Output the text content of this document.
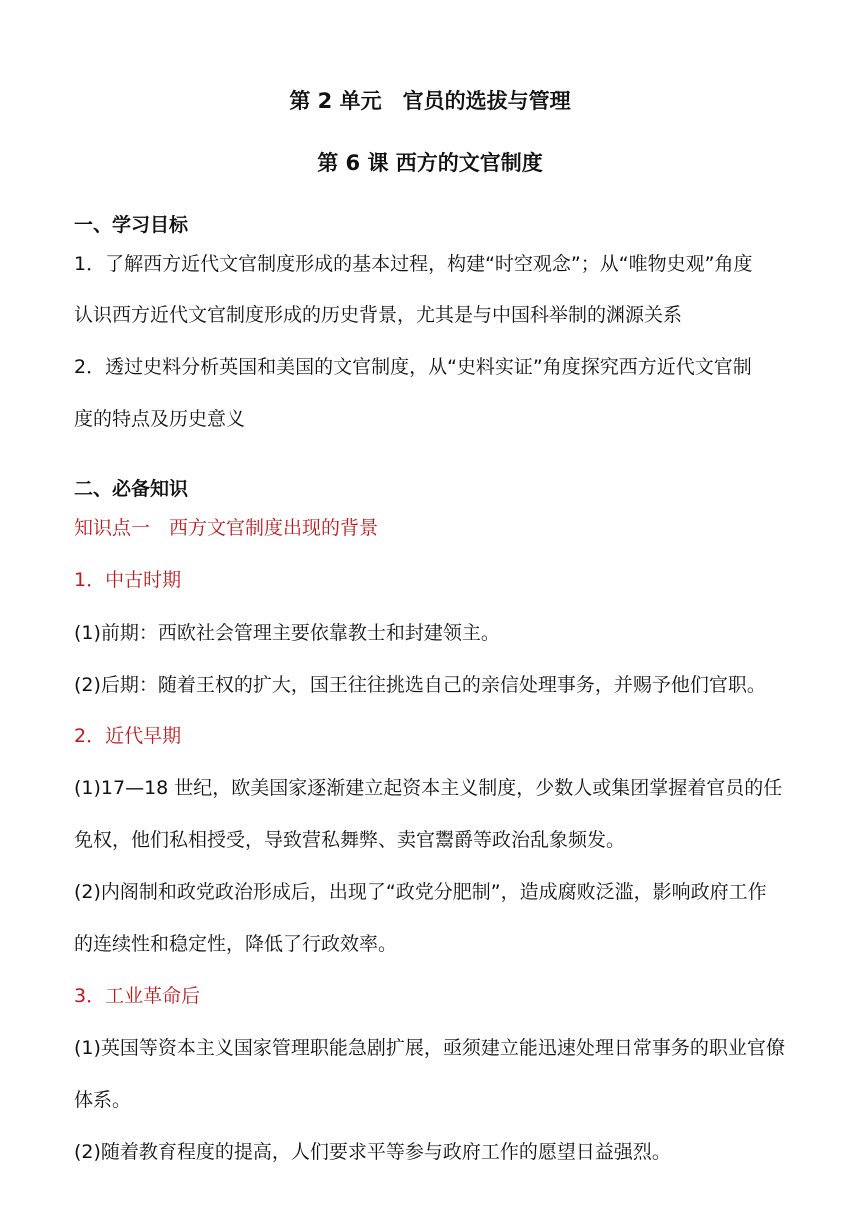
第 2 单元　官员的选拔与管理
第 6 课 西方的文官制度
一、学习目标
1．了解西方近代文官制度形成的基本过程，构建“时空观念”；从“唯物史观”角度
认识西方近代文官制度形成的历史背景，尤其是与中国科举制的渊源关系
2．透过史料分析英国和美国的文官制度，从“史料实证”角度探究西方近代文官制
度的特点及历史意义
二、必备知识
知识点一　西方文官制度出现的背景
1．中古时期
(1)前期：西欧社会管理主要依靠教士和封建领主。
(2)后期：随着王权的扩大，国王往往挑选自己的亲信处理事务，并赐予他们官职。
2．近代早期
(1)17—18 世纪，欧美国家逐渐建立起资本主义制度，少数人或集团掌握着官员的任
免权，他们私相授受，导致营私舞弊、卖官鬻爵等政治乱象频发。
(2)内阁制和政党政治形成后，出现了“政党分肥制”，造成腐败泛滥，影响政府工作
的连续性和稳定性，降低了行政效率。
3．工业革命后
(1)英国等资本主义国家管理职能急剧扩展，亟须建立能迅速处理日常事务的职业官僚
体系。
(2)随着教育程度的提高，人们要求平等参与政府工作的愿望日益强烈。
